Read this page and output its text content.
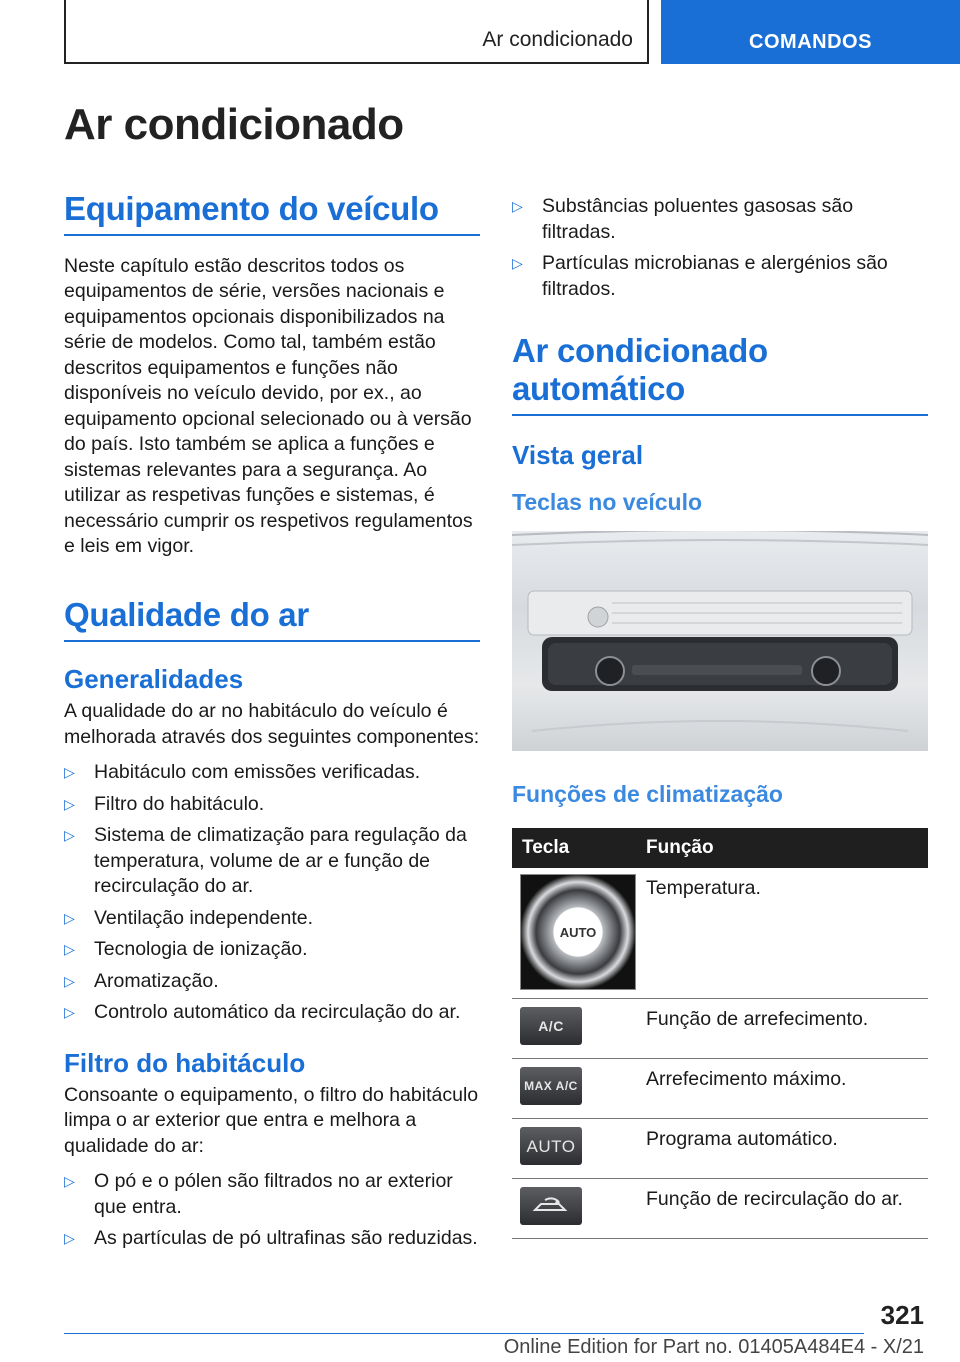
Ar condicionado	COMANDOS
Ar condicionado
Equipamento do veículo

Neste capítulo estão descritos todos os equipamentos de série, versões nacionais e equipamentos opcionais disponibilizados na série de modelos. Como tal, também estão descritos equipamentos e funções não disponíveis no veículo devido, por ex., ao equipamento opcional selecionado ou à versão do país. Isto também se aplica a funções e sistemas relevantes para a segurança. Ao utilizar as respetivas funções e sistemas, é necessário cumprir os respetivos regulamentos e leis em vigor.

Qualidade do ar
Generalidades

A qualidade do ar no habitáculo do veículo é melhorada através dos seguintes componentes:

▷ Habitáculo com emissões verificadas.
▷ Filtro do habitáculo.
▷ Sistema de climatização para regulação da temperatura, volume de ar e função de recirculação do ar.
▷ Ventilação independente.
▷ Tecnologia de ionização.
▷ Aromatização.
▷ Controlo automático da recirculação do ar.
Filtro do habitáculo

Consoante o equipamento, o filtro do habitáculo limpa o ar exterior que entra e melhora a qualidade do ar:

▷ O pó e o pólen são filtrados no ar exterior que entra.
▷ As partículas de pó ultrafinas são reduzidas.
▷ Substâncias poluentes gasosas são filtradas.
▷ Partículas microbianas e alergénios são filtrados.
Ar condicionado automático
Vista geral
Teclas no veículo
Funções de climatização
Tecla	Função

AUTO	Temperatura.

A/C	Função de arrefecimento.

MAX A/C	Arrefecimento máximo.

AUTO	Programa automático.

	Função de recirculação do ar.
321
Online Edition for Part no. 01405A484E4 - X/21
